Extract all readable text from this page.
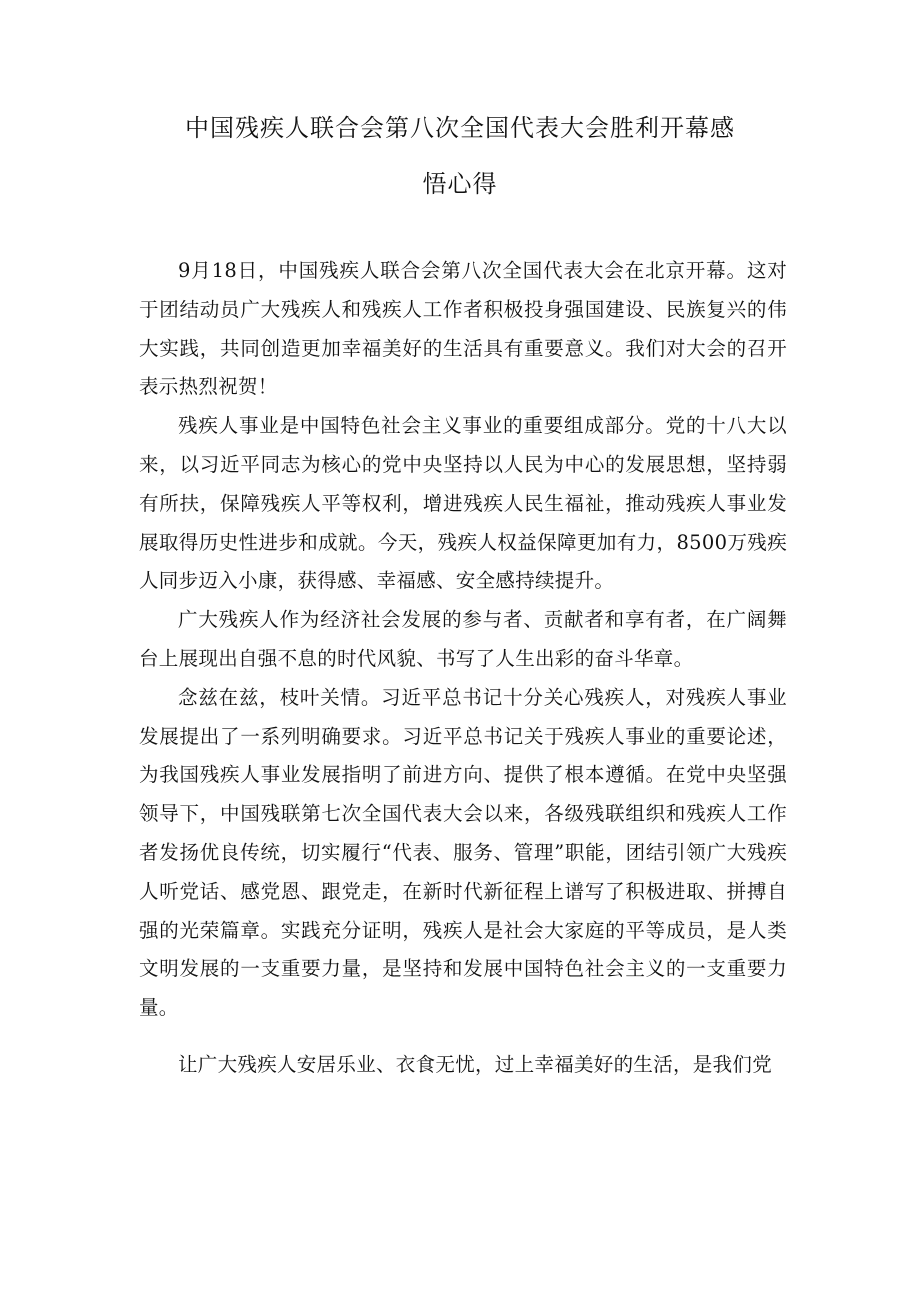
中国残疾人联合会第八次全国代表大会胜利开幕感
悟心得

9月18日，中国残疾人联合会第八次全国代表大会在北京开幕。这对于团结动员广大残疾人和残疾人工作者积极投身强国建设、民族复兴的伟大实践，共同创造更加幸福美好的生活具有重要意义。我们对大会的召开表示热烈祝贺！

残疾人事业是中国特色社会主义事业的重要组成部分。党的十八大以来，以习近平同志为核心的党中央坚持以人民为中心的发展思想，坚持弱有所扶，保障残疾人平等权利，增进残疾人民生福祉，推动残疾人事业发展取得历史性进步和成就。今天，残疾人权益保障更加有力，8500万残疾人同步迈入小康，获得感、幸福感、安全感持续提升。

广大残疾人作为经济社会发展的参与者、贡献者和享有者，在广阔舞台上展现出自强不息的时代风貌、书写了人生出彩的奋斗华章。

念兹在兹，枝叶关情。习近平总书记十分关心残疾人，对残疾人事业发展提出了一系列明确要求。习近平总书记关于残疾人事业的重要论述，为我国残疾人事业发展指明了前进方向、提供了根本遵循。在党中央坚强领导下，中国残联第七次全国代表大会以来，各级残联组织和残疾人工作者发扬优良传统，切实履行“代表、服务、管理”职能，团结引领广大残疾人听党话、感党恩、跟党走，在新时代新征程上谱写了积极进取、拼搏自强的光荣篇章。实践充分证明，残疾人是社会大家庭的平等成员，是人类文明发展的一支重要力量，是坚持和发展中国特色社会主义的一支重要力量。

让广大残疾人安居乐业、衣食无忧，过上幸福美好的生活，是我们党
